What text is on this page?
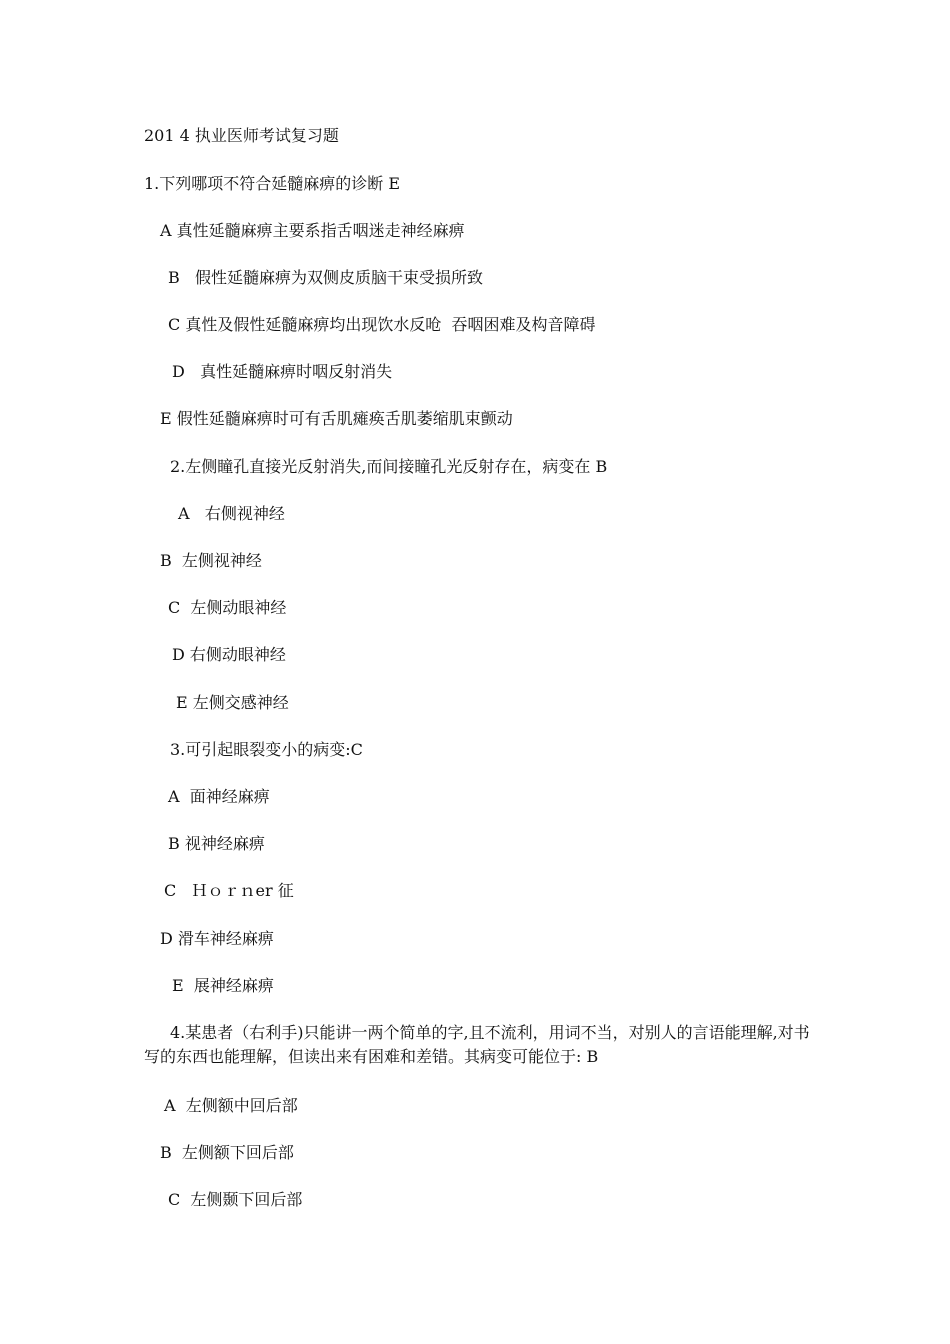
201 4 执业医师考试复习题
1.下列哪项不符合延髓麻痹的诊断 E
A 真性延髓麻痹主要系指舌咽迷走神经麻痹
B   假性延髓麻痹为双侧皮质脑干束受损所致
C 真性及假性延髓麻痹均出现饮水反呛  吞咽困难及构音障碍
D   真性延髓麻痹时咽反射消失
E 假性延髓麻痹时可有舌肌瘫痪舌肌萎缩肌束颤动
2.左侧瞳孔直接光反射消失,而间接瞳孔光反射存在，病变在 B
A   右侧视神经
B  左侧视神经
C  左侧动眼神经
D 右侧动眼神经
E 左侧交感神经
3.可引起眼裂变小的病变:C
A  面神经麻痹
B 视神经麻痹
C   Ｈｏｒｎer 征
D 滑车神经麻痹
E  展神经麻痹
4.某患者（右利手)只能讲一两个简单的字,且不流利，用词不当，对别人的言语能理解,对书写的东西也能理解，但读出来有困难和差错。其病变可能位于: B
A  左侧额中回后部
B  左侧额下回后部
C  左侧颞下回后部
